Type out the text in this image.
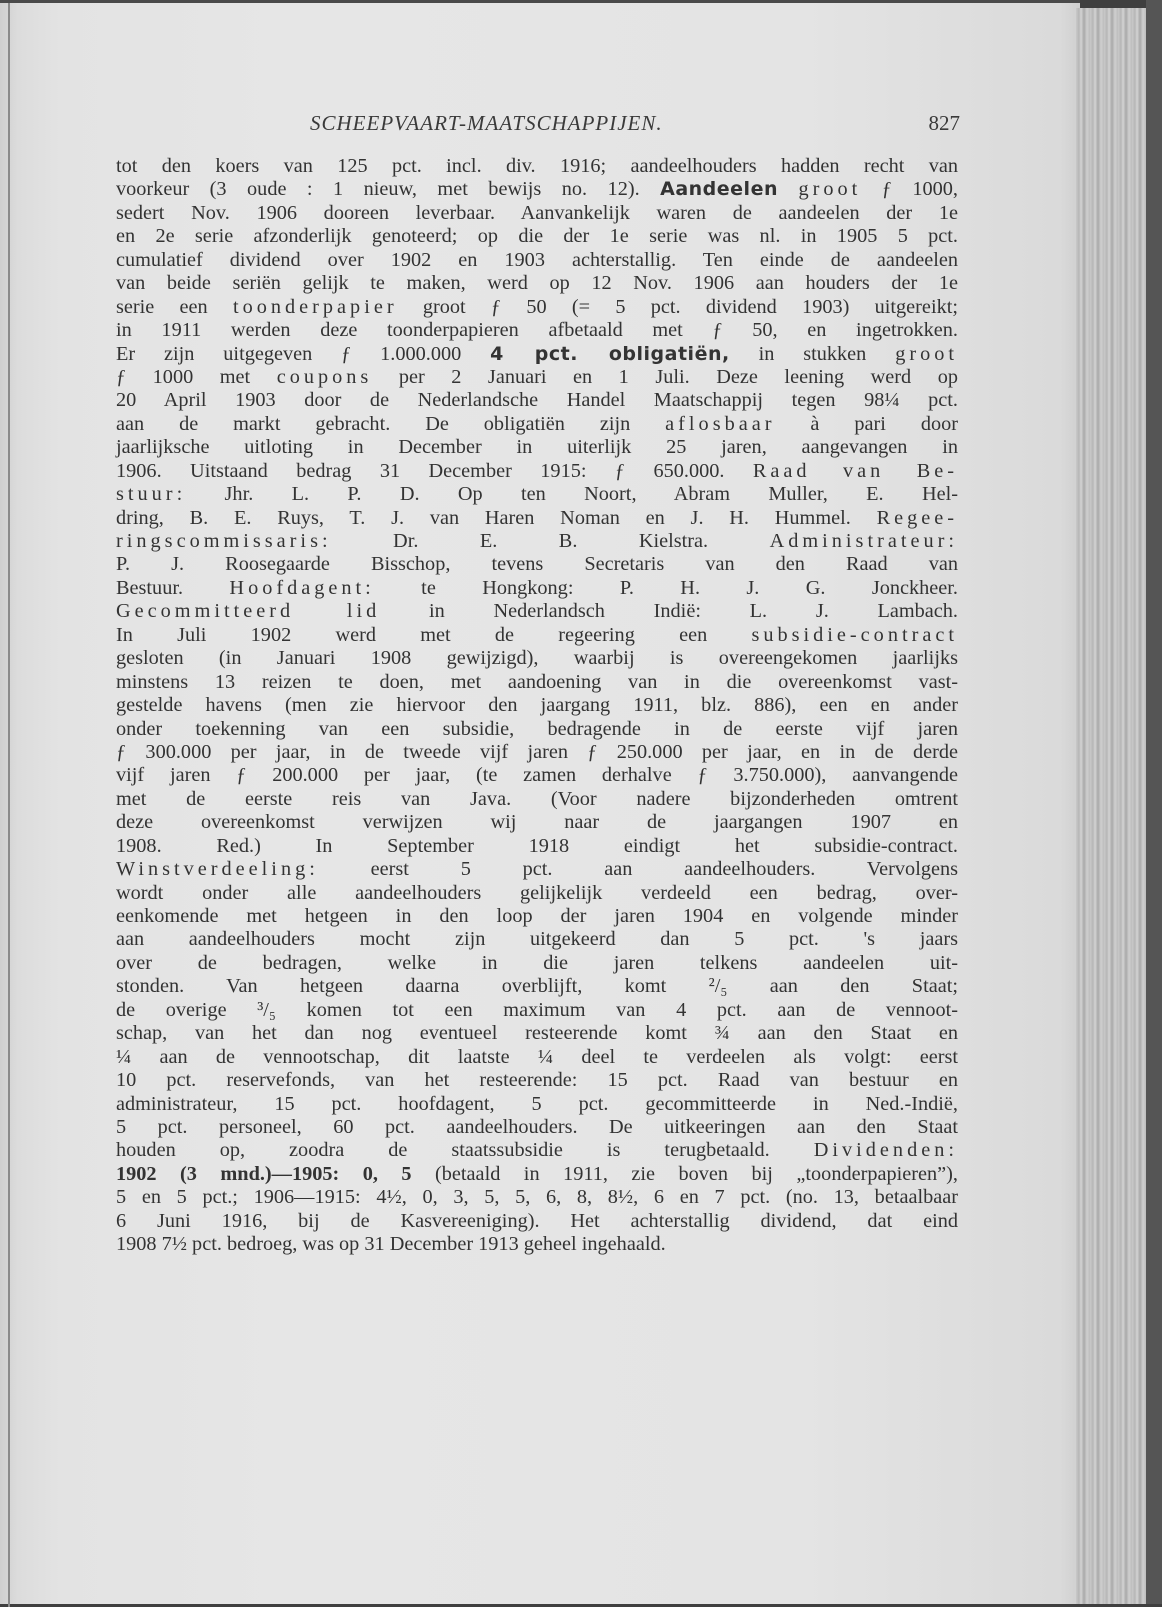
SCHEEPVAART-MAATSCHAPPIJEN.	827
tot den koers van 125 pct. incl. div. 1916; aandeelhouders hadden recht van
voorkeur (3 oude : 1 nieuw, met bewijs no. 12). Aandeelen groot ƒ 1000,
sedert Nov. 1906 dooreen leverbaar. Aanvankelijk waren de aandeelen der 1e
en 2e serie afzonderlijk genoteerd; op die der 1e serie was nl. in 1905 5 pct.
cumulatief dividend over 1902 en 1903 achterstallig. Ten einde de aandeelen
van beide seriën gelijk te maken, werd op 12 Nov. 1906 aan houders der 1e
serie een toonderpapier groot ƒ 50 (= 5 pct. dividend 1903) uitgereikt;
in 1911 werden deze toonderpapieren afbetaald met ƒ 50, en ingetrokken.
Er zijn uitgegeven ƒ 1.000.000 4 pct. obligatiën, in stukken groot
ƒ 1000 met coupons per 2 Januari en 1 Juli. Deze leening werd op
20 April 1903 door de Nederlandsche Handel Maatschappij tegen 98¼ pct.
aan de markt gebracht. De obligatiën zijn aflosbaar à pari door
jaarlijksche uitloting in December in uiterlijk 25 jaren, aangevangen in
1906. Uitstaand bedrag 31 December 1915: ƒ 650.000. Raad van Be-
stuur: Jhr. L. P. D. Op ten Noort, Abram Muller, E. Hel-
dring, B. E. Ruys, T. J. van Haren Noman en J. H. Hummel. Regee-
ringscommissaris: Dr. E. B. Kielstra. Administrateur:
P. J. Roosegaarde Bisschop, tevens Secretaris van den Raad van
Bestuur. Hoofdagent: te Hongkong: P. H. J. G. Jonckheer.
Gecommitteerd lid in Nederlandsch Indië: L. J. Lambach.
In Juli 1902 werd met de regeering een subsidie-contract
gesloten (in Januari 1908 gewijzigd), waarbij is overeengekomen jaarlijks
minstens 13 reizen te doen, met aandoening van in die overeenkomst vast-
gestelde havens (men zie hiervoor den jaargang 1911, blz. 886), een en ander
onder toekenning van een subsidie, bedragende in de eerste vijf jaren
ƒ 300.000 per jaar, in de tweede vijf jaren ƒ 250.000 per jaar, en in de derde
vijf jaren ƒ 200.000 per jaar, (te zamen derhalve ƒ 3.750.000), aanvangende
met de eerste reis van Java. (Voor nadere bijzonderheden omtrent
deze overeenkomst verwijzen wij naar de jaargangen 1907 en
1908. Red.) In September 1918 eindigt het subsidie-contract.
Winstverdeeling: eerst 5 pct. aan aandeelhouders. Vervolgens
wordt onder alle aandeelhouders gelijkelijk verdeeld een bedrag, over-
eenkomende met hetgeen in den loop der jaren 1904 en volgende minder
aan aandeelhouders mocht zijn uitgekeerd dan 5 pct. 's jaars
over de bedragen, welke in die jaren telkens aandeelen uit-
stonden. Van hetgeen daarna overblijft, komt ²/₅ aan den Staat;
de overige ³/₅ komen tot een maximum van 4 pct. aan de vennoot-
schap, van het dan nog eventueel resteerende komt ¾ aan den Staat en
¼ aan de vennootschap, dit laatste ¼ deel te verdeelen als volgt: eerst
10 pct. reservefonds, van het resteerende: 15 pct. Raad van bestuur en
administrateur, 15 pct. hoofdagent, 5 pct. gecommitteerde in Ned.-Indië,
5 pct. personeel, 60 pct. aandeelhouders. De uitkeeringen aan den Staat
houden op, zoodra de staatssubsidie is terugbetaald. Dividenden:
1902 (3 mnd.)—1905: 0, 5 (betaald in 1911, zie boven bij „toonderpapieren”),
5 en 5 pct.; 1906—1915: 4½, 0, 3, 5, 5, 6, 8, 8½, 6 en 7 pct. (no. 13, betaalbaar
6 Juni 1916, bij de Kasvereeniging). Het achterstallig dividend, dat eind
1908 7½ pct. bedroeg, was op 31 December 1913 geheel ingehaald.
